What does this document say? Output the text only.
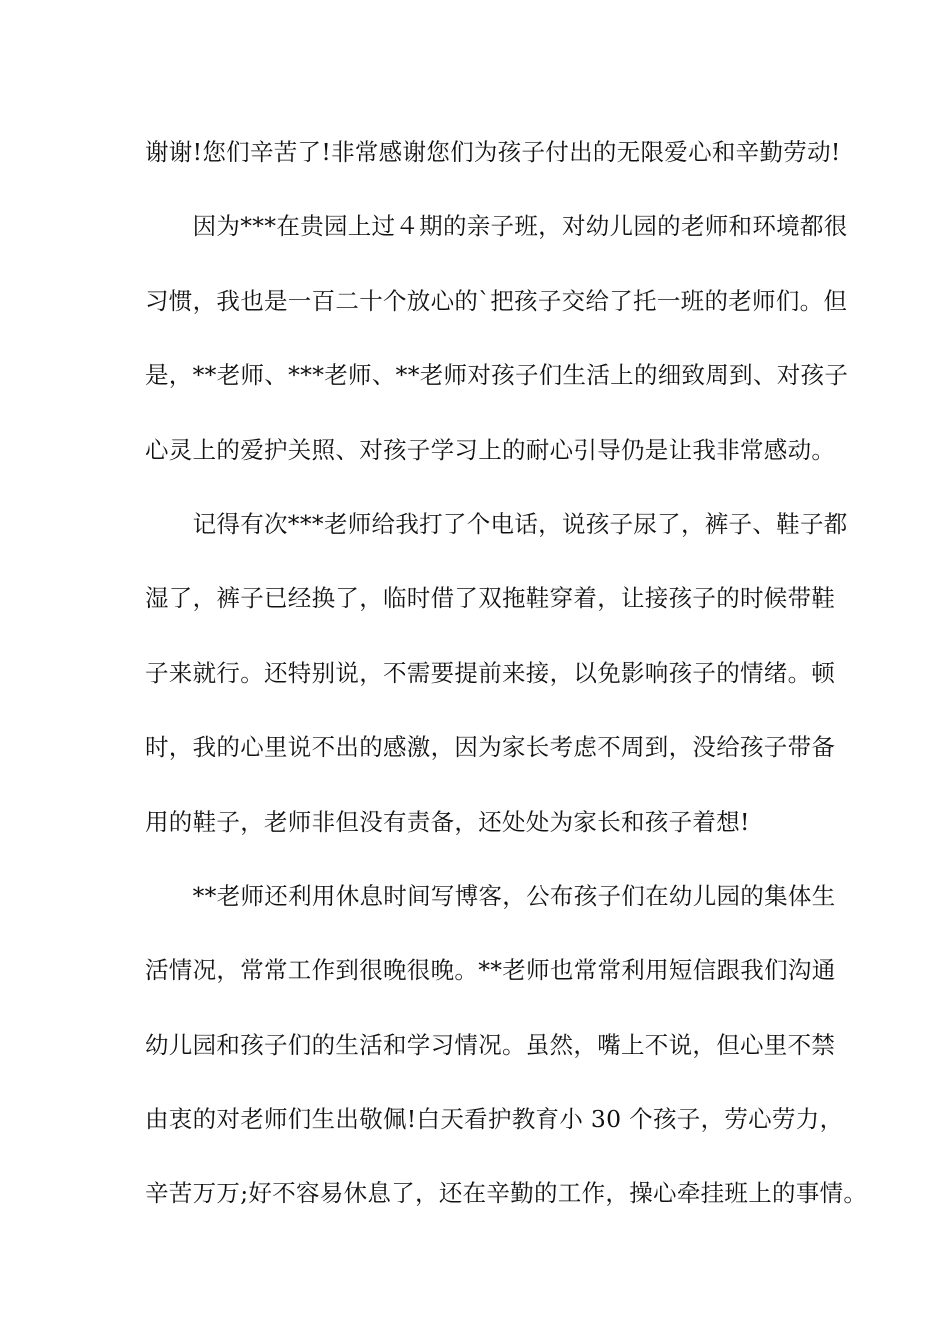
谢谢!您们辛苦了!非常感谢您们为孩子付出的无限爱心和辛勤劳动!
　　因为***在贵园上过４期的亲子班，对幼儿园的老师和环境都很
习惯，我也是一百二十个放心的`把孩子交给了托一班的老师们。但
是，**老师、***老师、**老师对孩子们生活上的细致周到、对孩子
心灵上的爱护关照、对孩子学习上的耐心引导仍是让我非常感动。
　　记得有次***老师给我打了个电话，说孩子尿了，裤子、鞋子都
湿了，裤子已经换了，临时借了双拖鞋穿着，让接孩子的时候带鞋
子来就行。还特别说，不需要提前来接，以免影响孩子的情绪。顿
时，我的心里说不出的感激，因为家长考虑不周到，没给孩子带备
用的鞋子，老师非但没有责备，还处处为家长和孩子着想!
　　**老师还利用休息时间写博客，公布孩子们在幼儿园的集体生
活情况，常常工作到很晚很晚。**老师也常常利用短信跟我们沟通
幼儿园和孩子们的生活和学习情况。虽然，嘴上不说，但心里不禁
由衷的对老师们生出敬佩!白天看护教育小 30 个孩子，劳心劳力，
辛苦万万;好不容易休息了，还在辛勤的工作，操心牵挂班上的事情。
